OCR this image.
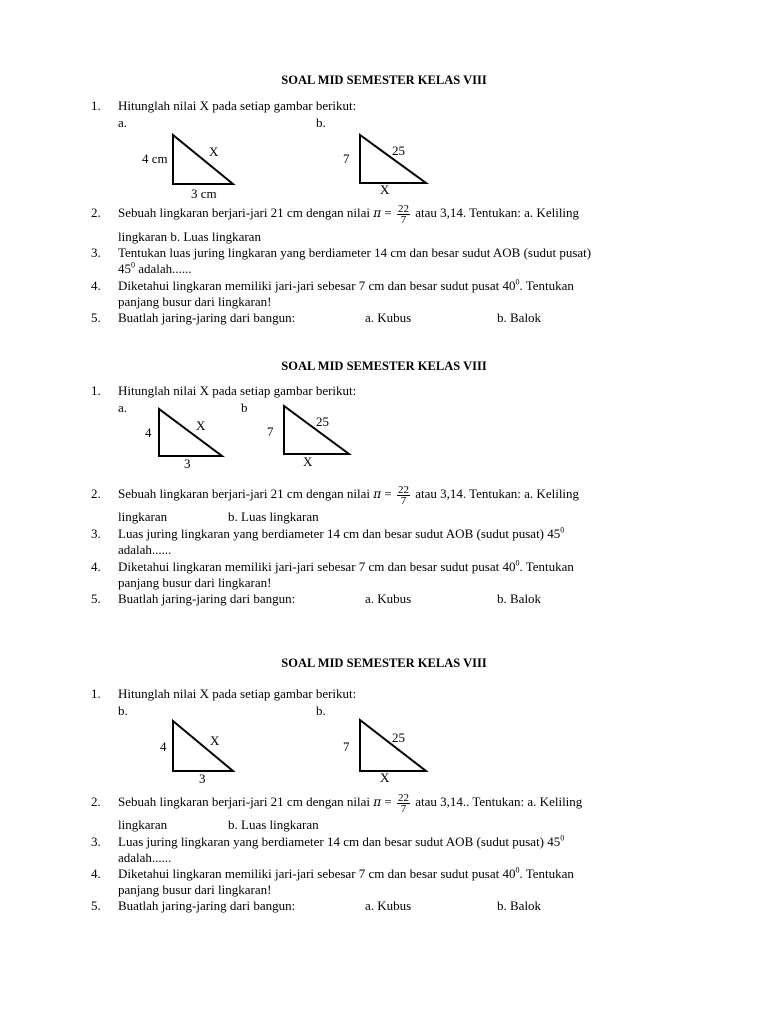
SOAL MID SEMESTER KELAS VIII
1. Hitunglah nilai X pada setiap gambar berikut:
a.	b.
4 cm	X
3 cm
7
25
X
2. Sebuah lingkaran berjari-jari 21 cm dengan nilai $\pi = \frac{22}{7}$ atau 3,14. Tentukan: a. Keliling
lingkaran b. Luas lingkaran
3. Tentukan luas juring lingkaran yang berdiameter 14 cm dan besar sudut AOB (sudut pusat)
$45^0$ adalah......
4. Diketahui lingkaran memiliki jari-jari sebesar 7 cm dan besar sudut pusat $40^0$. Tentukan
panjang busur dari lingkaran!
5. Buatlah jaring-jaring dari bangun:	a. Kubus	b. Balok
SOAL MID SEMESTER KELAS VIII
1. Hitunglah nilai X pada setiap gambar berikut:
a.	b
4	X
3
7
25
X
2. Sebuah lingkaran berjari-jari 21 cm dengan nilai $\pi = \frac{22}{7}$ atau 3,14. Tentukan: a. Keliling
lingkaran	b. Luas lingkaran
3. Luas juring lingkaran yang berdiameter 14 cm dan besar sudut AOB (sudut pusat) $45^0$
adalah......
4. Diketahui lingkaran memiliki jari-jari sebesar 7 cm dan besar sudut pusat $40^0$. Tentukan
panjang busur dari lingkaran!
5. Buatlah jaring-jaring dari bangun:	a. Kubus	b. Balok
SOAL MID SEMESTER KELAS VIII
1. Hitunglah nilai X pada setiap gambar berikut:
b.	b.
4	X
3
7
25
X
2. Sebuah lingkaran berjari-jari 21 cm dengan nilai $\pi = \frac{22}{7}$ atau 3,14.. Tentukan: a. Keliling
lingkaran	b. Luas lingkaran
3. Luas juring lingkaran yang berdiameter 14 cm dan besar sudut AOB (sudut pusat) $45^0$
adalah......
4. Diketahui lingkaran memiliki jari-jari sebesar 7 cm dan besar sudut pusat $40^0$. Tentukan
panjang busur dari lingkaran!
5. Buatlah jaring-jaring dari bangun:	a. Kubus	b. Balok
